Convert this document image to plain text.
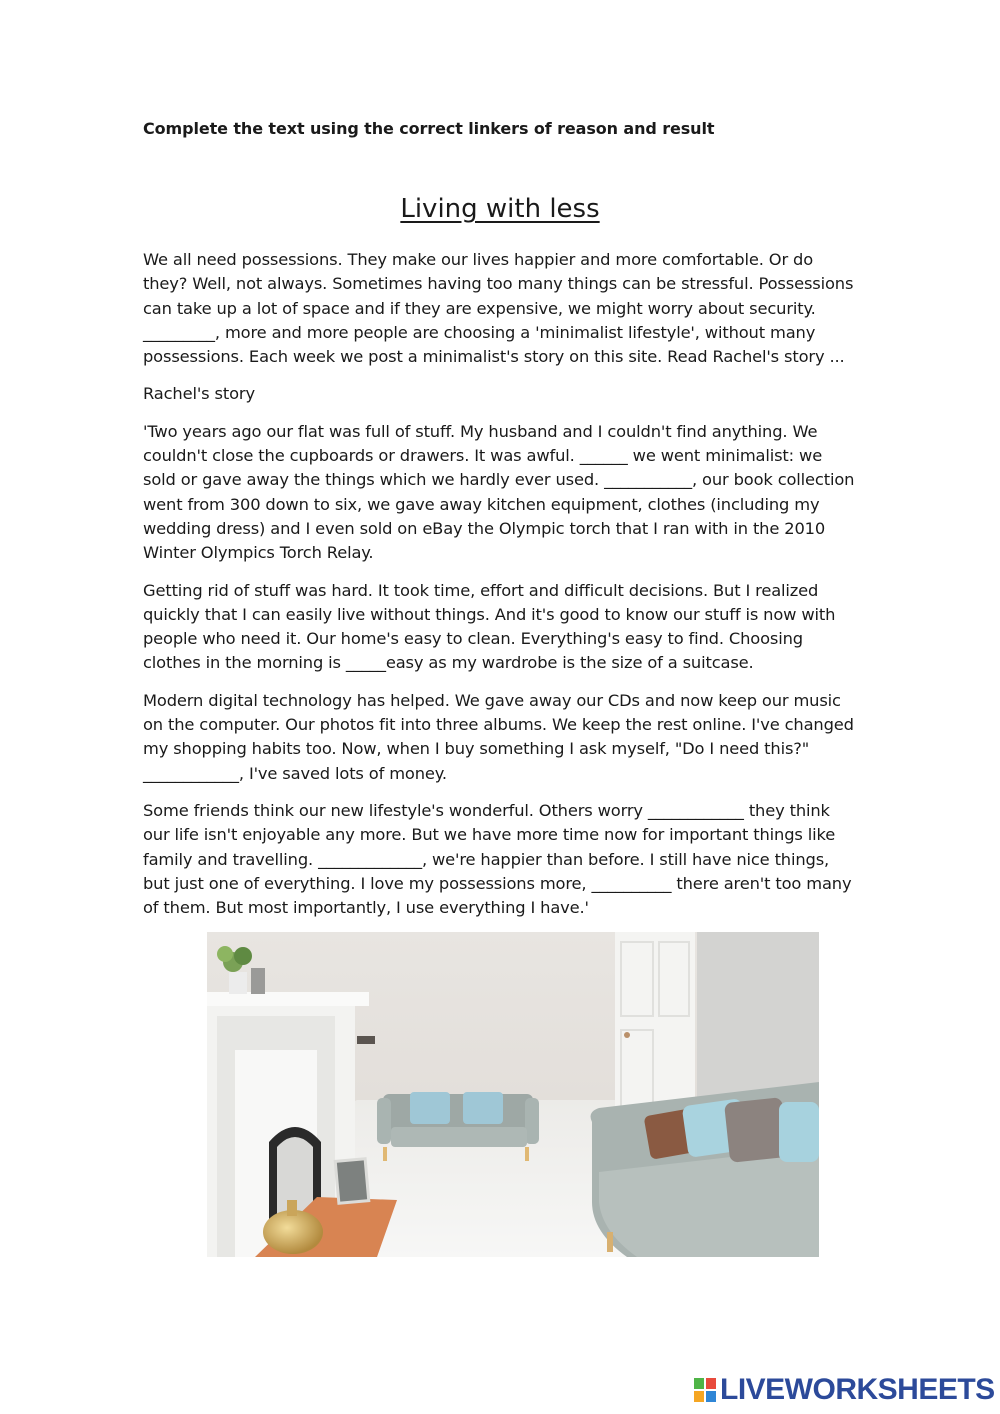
Complete the text using the correct linkers of reason and result
Living with less

We all need possessions. They make our lives happier and more comfortable. Or do they? Well, not always. Sometimes having too many things can be stressful. Possessions can take up a lot of space and if they are expensive, we might worry about security. _________, more and more people are choosing a 'minimalist lifestyle', without many possessions. Each week we post a minimalist's story on this site. Read Rachel's story ...

Rachel's story

'Two years ago our flat was full of stuff. My husband and I couldn't find anything. We couldn't close the cupboards or drawers. It was awful. ______ we went minimalist: we sold or gave away the things which we hardly ever used. ___________, our book collection went from 300 down to six, we gave away kitchen equipment, clothes (including my wedding dress) and I even sold on eBay the Olympic torch that I ran with in the 2010 Winter Olympics Torch Relay.

Getting rid of stuff was hard. It took time, effort and difficult decisions. But I realized quickly that I can easily live without things. And it's good to know our stuff is now with people who need it. Our home's easy to clean. Everything's easy to find. Choosing clothes in the morning is _____easy as my wardrobe is the size of a suitcase.

Modern digital technology has helped. We gave away our CDs and now keep our music on the computer. Our photos fit into three albums. We keep the rest online. I've changed my shopping habits too. Now, when I buy something I ask myself, "Do I need this?" ____________, I've saved lots of money.

Some friends think our new lifestyle's wonderful. Others worry ____________ they think our life isn't enjoyable any more. But we have more time now for important things like family and travelling. _____________, we're happier than before. I still have nice things, but just one of everything. I love my possessions more, __________ there aren't too many of them. But most importantly, I use everything I have.'

LIVEWORKSHEETS
